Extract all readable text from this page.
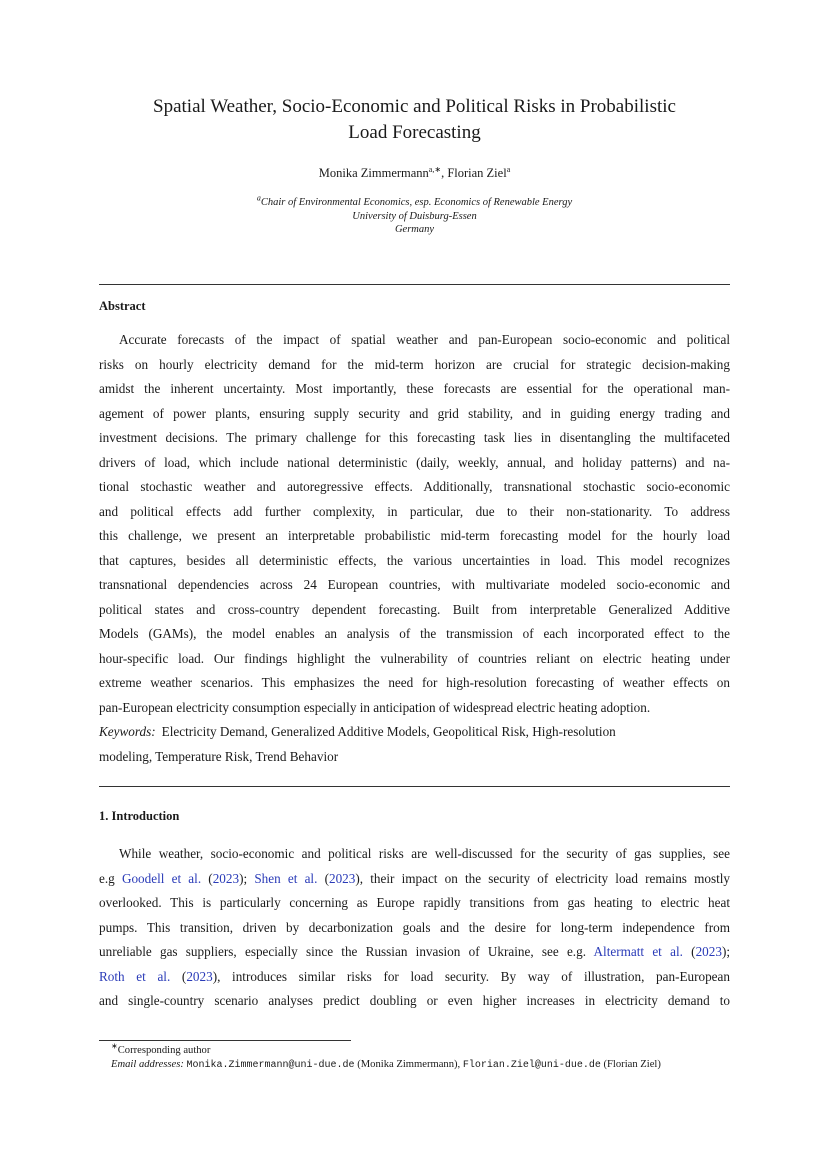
Spatial Weather, Socio-Economic and Political Risks in Probabilistic
Load Forecasting
Monika Zimmermann$^{a,∗}$, Florian Ziel$^a$
$^a$Chair of Environmental Economics, esp. Economics of Renewable Energy
University of Duisburg-Essen
Germany
Abstract
Accurate forecasts of the impact of spatial weather and pan-European socio-economic and political
risks on hourly electricity demand for the mid-term horizon are crucial for strategic decision-making
amidst the inherent uncertainty. Most importantly, these forecasts are essential for the operational man-
agement of power plants, ensuring supply security and grid stability, and in guiding energy trading and
investment decisions. The primary challenge for this forecasting task lies in disentangling the multifaceted
drivers of load, which include national deterministic (daily, weekly, annual, and holiday patterns) and na-
tional stochastic weather and autoregressive effects. Additionally, transnational stochastic socio-economic
and political effects add further complexity, in particular, due to their non-stationarity. To address
this challenge, we present an interpretable probabilistic mid-term forecasting model for the hourly load
that captures, besides all deterministic effects, the various uncertainties in load. This model recognizes
transnational dependencies across 24 European countries, with multivariate modeled socio-economic and
political states and cross-country dependent forecasting. Built from interpretable Generalized Additive
Models (GAMs), the model enables an analysis of the transmission of each incorporated effect to the
hour-specific load. Our findings highlight the vulnerability of countries reliant on electric heating under
extreme weather scenarios. This emphasizes the need for high-resolution forecasting of weather effects on
pan-European electricity consumption especially in anticipation of widespread electric heating adoption.
Keywords: Electricity Demand, Generalized Additive Models, Geopolitical Risk, High-resolution
modeling, Temperature Risk, Trend Behavior
1. Introduction
While weather, socio-economic and political risks are well-discussed for the security of gas supplies, see
e.g Goodell et al. (2023); Shen et al. (2023), their impact on the security of electricity load remains mostly
overlooked. This is particularly concerning as Europe rapidly transitions from gas heating to electric heat
pumps. This transition, driven by decarbonization goals and the desire for long-term independence from
unreliable gas suppliers, especially since the Russian invasion of Ukraine, see e.g. Altermatt et al. (2023);
Roth et al. (2023), introduces similar risks for load security. By way of illustration, pan-European
and single-country scenario analyses predict doubling or even higher increases in electricity demand to
∗Corresponding author
Email addresses: Monika.Zimmermann@uni-due.de (Monika Zimmermann), Florian.Ziel@uni-due.de (Florian Ziel)
